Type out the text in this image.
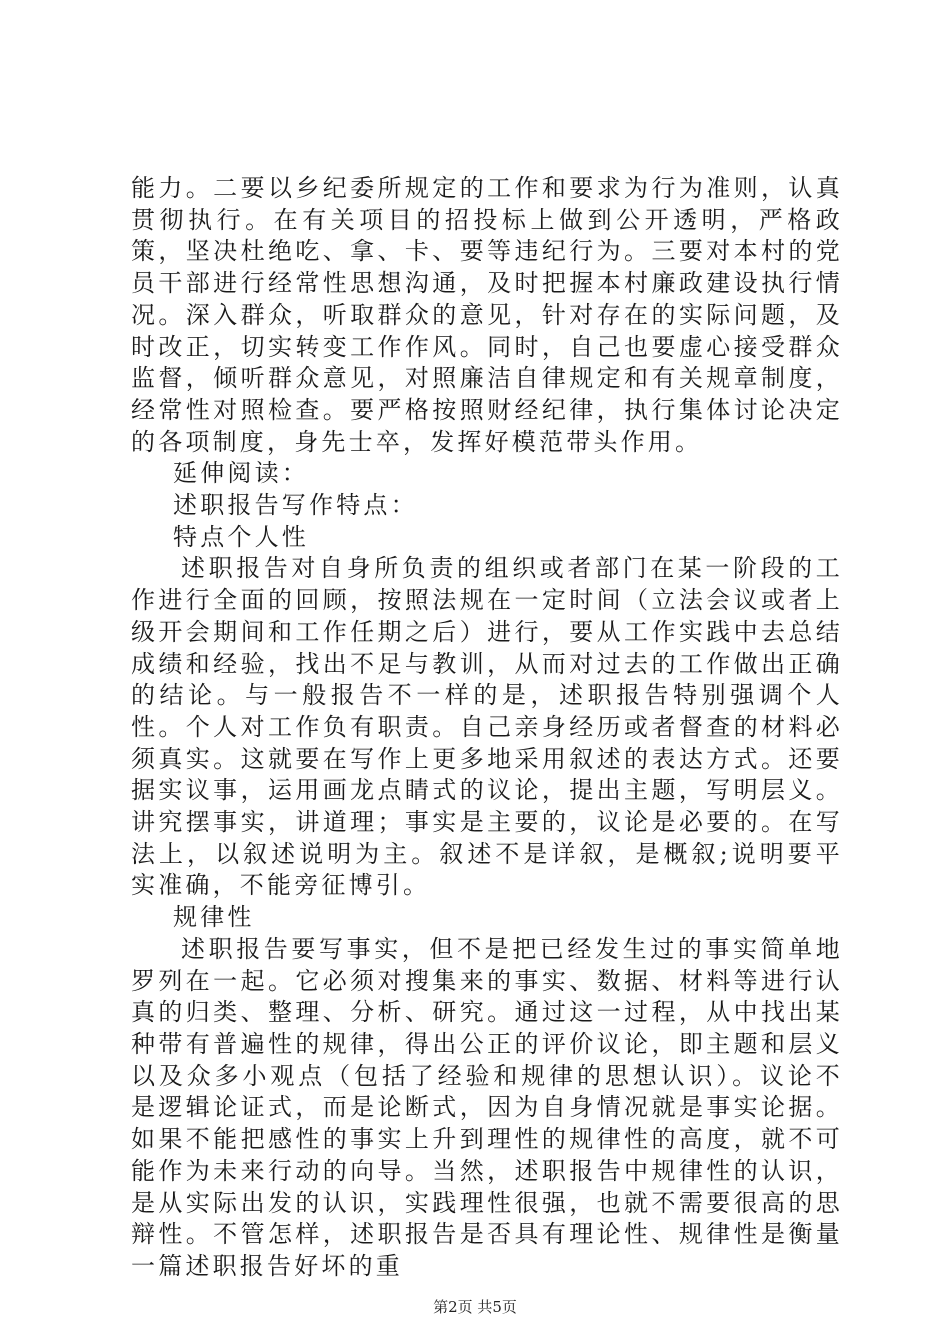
能力。二要以乡纪委所规定的工作和要求为行为准则，认真贯彻执行。在有关项目的招投标上做到公开透明，严格政策，坚决杜绝吃、拿、卡、要等违纪行为。三要对本村的党员干部进行经常性思想沟通，及时把握本村廉政建设执行情况。深入群众，听取群众的意见，针对存在的实际问题，及时改正，切实转变工作作风。同时，自己也要虚心接受群众监督，倾听群众意见，对照廉洁自律规定和有关规章制度，经常性对照检查。要严格按照财经纪律，执行集体讨论决定的各项制度，身先士卒，发挥好模范带头作用。

延伸阅读：

述职报告写作特点：

特点个人性

述职报告对自身所负责的组织或者部门在某一阶段的工作进行全面的回顾，按照法规在一定时间（立法会议或者上级开会期间和工作任期之后）进行，要从工作实践中去总结成绩和经验，找出不足与教训，从而对过去的工作做出正确的结论。与一般报告不一样的是，述职报告特别强调个人性。个人对工作负有职责。自己亲身经历或者督查的材料必须真实。这就要在写作上更多地采用叙述的表达方式。还要据实议事，运用画龙点睛式的议论，提出主题，写明层义。讲究摆事实，讲道理；事实是主要的，议论是必要的。在写法上，以叙述说明为主。叙述不是详叙，是概叙;说明要平实准确，不能旁征博引。

规律性

述职报告要写事实，但不是把已经发生过的事实简单地罗列在一起。它必须对搜集来的事实、数据、材料等进行认真的归类、整理、分析、研究。通过这一过程，从中找出某种带有普遍性的规律，得出公正的评价议论，即主题和层义以及众多小观点（包括了经验和规律的思想认识）。议论不是逻辑论证式，而是论断式，因为自身情况就是事实论据。如果不能把感性的事实上升到理性的规律性的高度，就不可能作为未来行动的向导。当然，述职报告中规律性的认识，是从实际出发的认识，实践理性很强，也就不需要很高的思辩性。不管怎样，述职报告是否具有理论性、规律性是衡量一篇述职报告好坏的重

第2页 共5页
